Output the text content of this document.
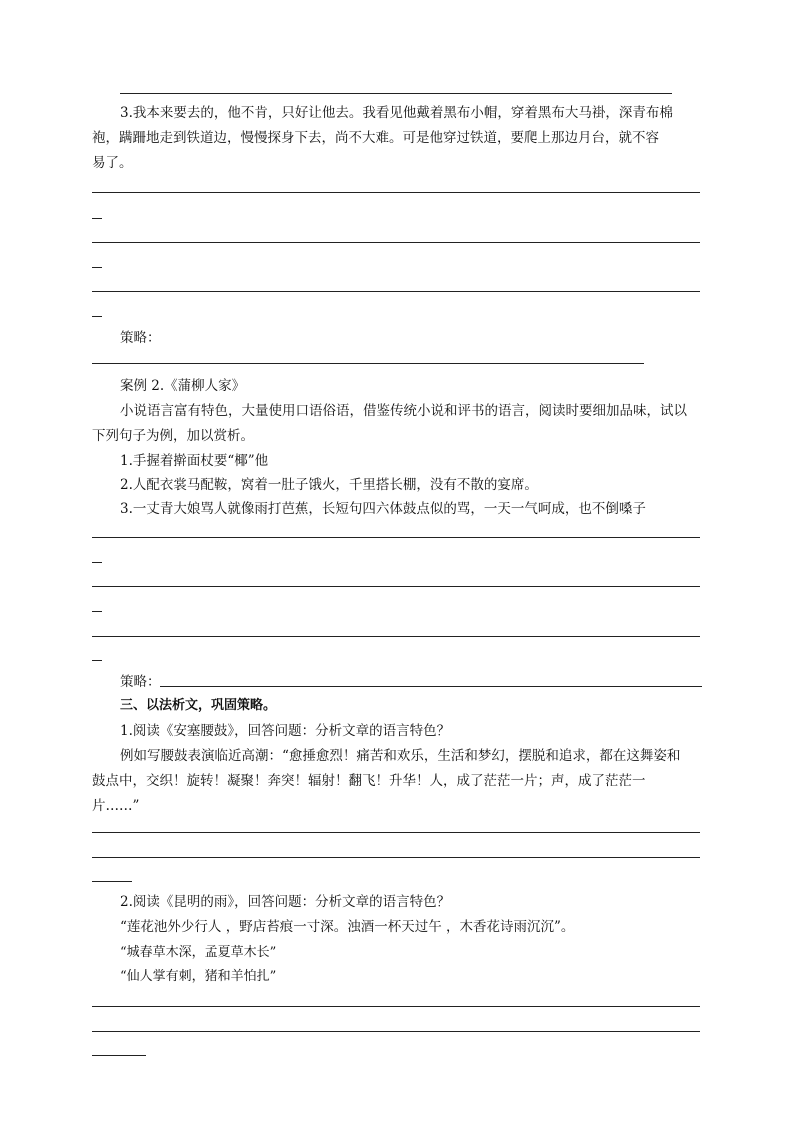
3.我本来要去的，他不肯，只好让他去。我看见他戴着黑布小帽，穿着黑布大马褂，深青布棉
袍，蹒跚地走到铁道边，慢慢探身下去，尚不大难。可是他穿过铁道，要爬上那边月台，就不容
易了。
策略：
案例 2.《蒲柳人家》
小说语言富有特色，大量使用口语俗语，借鉴传统小说和评书的语言，阅读时要细加品味，试以
下列句子为例，加以赏析。
1.手握着擀面杖要“椰”他
2.人配衣裳马配鞍，窝着一肚子饿火，千里搭长棚，没有不散的宴席。
3.一丈青大娘骂人就像雨打芭蕉，长短句四六体鼓点似的骂，一天一气呵成，也不倒嗓子
策略：
三、以法析文，巩固策略。
1.阅读《安塞腰鼓》，回答问题：分析文章的语言特色？
例如写腰鼓表演临近高潮：“愈捶愈烈！痛苦和欢乐，生活和梦幻，摆脱和追求，都在这舞姿和
鼓点中，交织！旋转！凝聚！奔突！辐射！翻飞！升华！人，成了茫茫一片；声，成了茫茫一
片……”
2.阅读《昆明的雨》，回答问题：分析文章的语言特色？
“莲花池外少行人 ，野店苔痕一寸深。浊酒一杯天过午 ，木香花诗雨沉沉”。
“城春草木深，孟夏草木长”
“仙人掌有刺，猪和羊怕扎”
